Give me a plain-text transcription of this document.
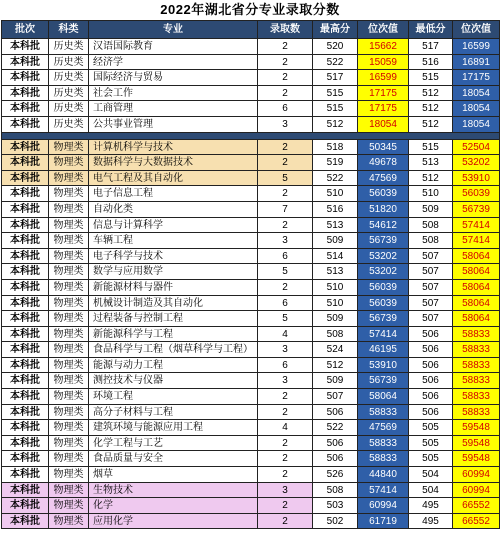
2022年湖北省分专业录取分数
批次	科类	专业	录取数	最高分	位次值	最低分	位次值
本科批	历史类 汉语国际教育	2	520	15662	517	16599
本科批	历史类 经济学	2	522	15059	516	16891
本科批	历史类 国际经济与贸易	2	517	16599	515	17175
本科批	历史类 社会工作	2	515	17175	512	18054
本科批	历史类 工商管理	6	515	17175	512	18054
本科批	历史类 公共事业管理	3	512	18054	512	18054
本科批	物理类 计算机科学与技术	2	518	50345	515	52504
本科批	物理类 数据科学与大数据技术	2	519	49678	513	53202
本科批	物理类 电气工程及其自动化	5	522	47569	512	53910
本科批	物理类 电子信息工程	2	510	56039	510	56039
本科批	物理类 自动化类	7	516	51820	509	56739
本科批	物理类 信息与计算科学	2	513	54612	508	57414
本科批	物理类 车辆工程	3	509	56739	508	57414
本科批	物理类 电子科学与技术	6	514	53202	507	58064
本科批	物理类 数学与应用数学	5	513	53202	507	58064
本科批	物理类 新能源材料与器件	2	510	56039	507	58064
本科批	物理类 机械设计制造及其自动化	6	510	56039	507	58064
本科批	物理类 过程装备与控制工程	5	509	56739	507	58064
本科批	物理类 新能源科学与工程	4	508	57414	506	58833
本科批	物理类 食品科学与工程（烟草科学与工程）	3	524	46195	506	58833
本科批	物理类 能源与动力工程	6	512	53910	506	58833
本科批	物理类 测控技术与仪器	3	509	56739	506	58833
本科批	物理类 环境工程	2	507	58064	506	58833
本科批	物理类 高分子材料与工程	2	506	58833	506	58833
本科批	物理类 建筑环境与能源应用工程	4	522	47569	505	59548
本科批	物理类 化学工程与工艺	2	506	58833	505	59548
本科批	物理类 食品质量与安全	2	506	58833	505	59548
本科批	物理类 烟草	2	526	44840	504	60994
本科批	物理类 生物技术	3	508	57414	504	60994
本科批	物理类 化学	2	503	60994	495	66552
本科批	物理类 应用化学	2	502	61719	495	66552
